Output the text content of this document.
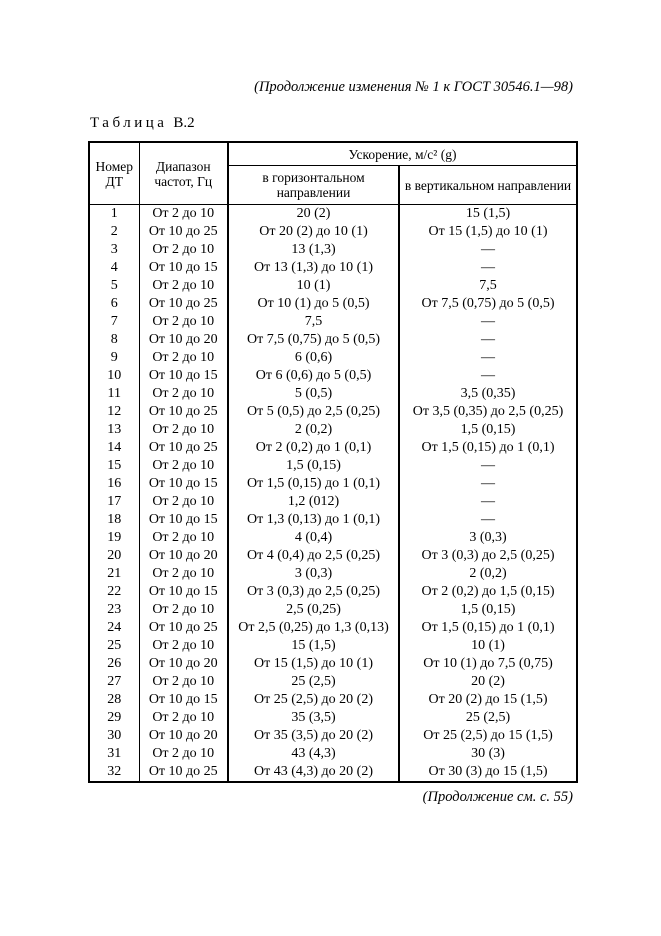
(Продолжение изменения № 1 к ГОСТ 30546.1—98)
Таблица В.2
Номер ДТ	Диапазон частот, Гц	Ускорение, м/с² (g)	
		в горизонтальном направлении	в вертикальном направлении
1	От 2 до 10	20 (2)	15 (1,5)
2	От 10 до 25	От 20 (2) до 10 (1)	От 15 (1,5) до 10 (1)
3	От 2 до 10	13 (1,3)	—
4	От 10 до 15	От 13 (1,3) до 10 (1)	—
5	От 2 до 10	10 (1)	7,5
6	От 10 до 25	От 10 (1) до 5 (0,5)	От 7,5 (0,75) до 5 (0,5)
7	От 2 до 10	7,5	—
8	От 10 до 20	От 7,5 (0,75) до 5 (0,5)	—
9	От 2 до 10	6 (0,6)	—
10	От 10 до 15	От 6 (0,6) до 5 (0,5)	—
11	От 2 до 10	5 (0,5)	3,5 (0,35)
12	От 10 до 25	От 5 (0,5) до 2,5 (0,25)	От 3,5 (0,35) до 2,5 (0,25)
13	От 2 до 10	2 (0,2)	1,5 (0,15)
14	От 10 до 25	От 2 (0,2) до 1 (0,1)	От 1,5 (0,15) до 1 (0,1)
15	От 2 до 10	1,5 (0,15)	—
16	От 10 до 15	От 1,5 (0,15) до 1 (0,1)	—
17	От 2 до 10	1,2 (012)	—
18	От 10 до 15	От 1,3 (0,13) до 1 (0,1)	—
19	От 2 до 10	4 (0,4)	3 (0,3)
20	От 10 до 20	От 4 (0,4) до 2,5 (0,25)	От 3 (0,3) до 2,5 (0,25)
21	От 2 до 10	3 (0,3)	2 (0,2)
22	От 10 до 15	От 3 (0,3) до 2,5 (0,25)	От 2 (0,2) до 1,5 (0,15)
23	От 2 до 10	2,5 (0,25)	1,5 (0,15)
24	От 10 до 25	От 2,5 (0,25) до 1,3 (0,13)	От 1,5 (0,15) до 1 (0,1)
25	От 2 до 10	15 (1,5)	10 (1)
26	От 10 до 20	От 15 (1,5) до 10 (1)	От 10 (1) до 7,5 (0,75)
27	От 2 до 10	25 (2,5)	20 (2)
28	От 10 до 15	От 25 (2,5) до 20 (2)	От 20 (2) до 15 (1,5)
29	От 2 до 10	35 (3,5)	25 (2,5)
30	От 10 до 20	От 35 (3,5) до 20 (2)	От 25 (2,5) до 15 (1,5)
31	От 2 до 10	43 (4,3)	30 (3)
32	От 10 до 25	От 43 (4,3) до 20 (2)	От 30 (3) до 15 (1,5)
(Продолжение см. с. 55)
